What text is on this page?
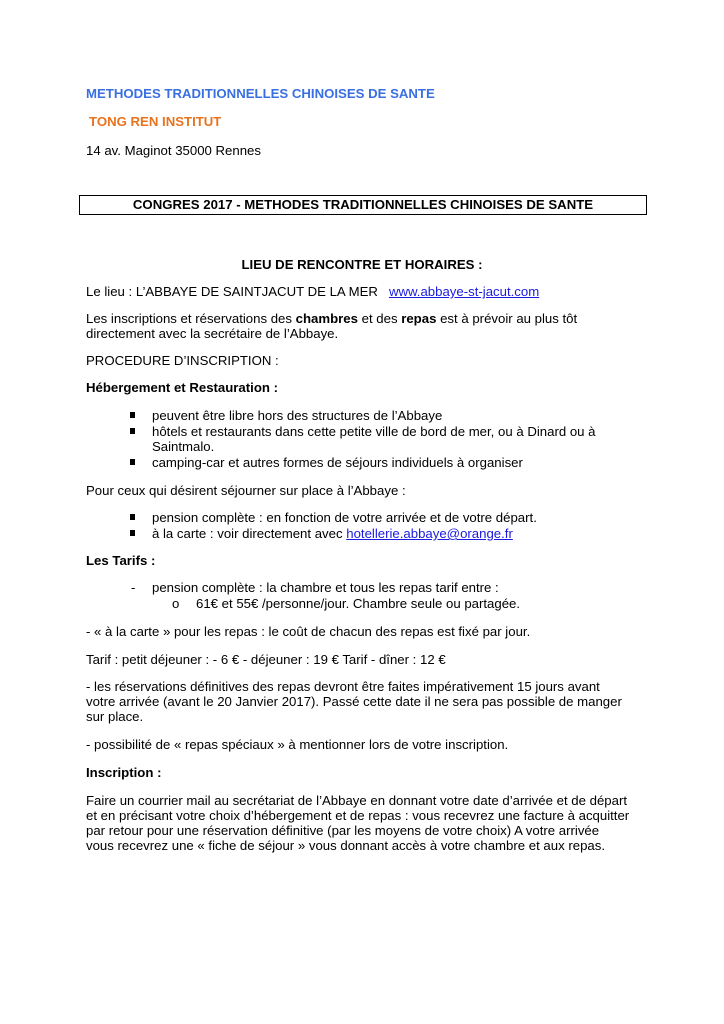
METHODES TRADITIONNELLES CHINOISES DE SANTE
TONG REN INSTITUT
14 av. Maginot 35000 Rennes
CONGRES 2017 - METHODES TRADITIONNELLES CHINOISES DE SANTE
LIEU DE RENCONTRE ET HORAIRES :
Le lieu : L’ABBAYE DE SAINTJACUT DE LA MER www.abbaye-st-jacut.com
Les inscriptions et réservations des chambres et des repas est à prévoir au plus tôt
directement avec la secrétaire de l’Abbaye.
PROCEDURE D’INSCRIPTION :
Hébergement et Restauration :
peuvent être libre hors des structures de l’Abbaye
hôtels et restaurants dans cette petite ville de bord de mer, ou à Dinard ou à
Saintmalo.
camping-car et autres formes de séjours individuels à organiser
Pour ceux qui désirent séjourner sur place à l’Abbaye :
pension complète : en fonction de votre arrivée et de votre départ.
à la carte : voir directement avec hotellerie.abbaye@orange.fr
Les Tarifs :
- pension complète : la chambre et tous les repas tarif entre :
o 61€ et 55€ /personne/jour. Chambre seule ou partagée.
- « à la carte » pour les repas : le coût de chacun des repas est fixé par jour.
Tarif : petit déjeuner : - 6 € - déjeuner : 19 € Tarif - dîner : 12 €
- les réservations définitives des repas devront être faites impérativement 15 jours avant
votre arrivée (avant le 20 Janvier 2017). Passé cette date il ne sera pas possible de manger
sur place.
- possibilité de « repas spéciaux » à mentionner lors de votre inscription.
Inscription :
Faire un courrier mail au secrétariat de l’Abbaye en donnant votre date d’arrivée et de départ
et en précisant votre choix d’hébergement et de repas : vous recevrez une facture à acquitter
par retour pour une réservation définitive (par les moyens de votre choix) A votre arrivée
vous recevrez une « fiche de séjour » vous donnant accès à votre chambre et aux repas.
